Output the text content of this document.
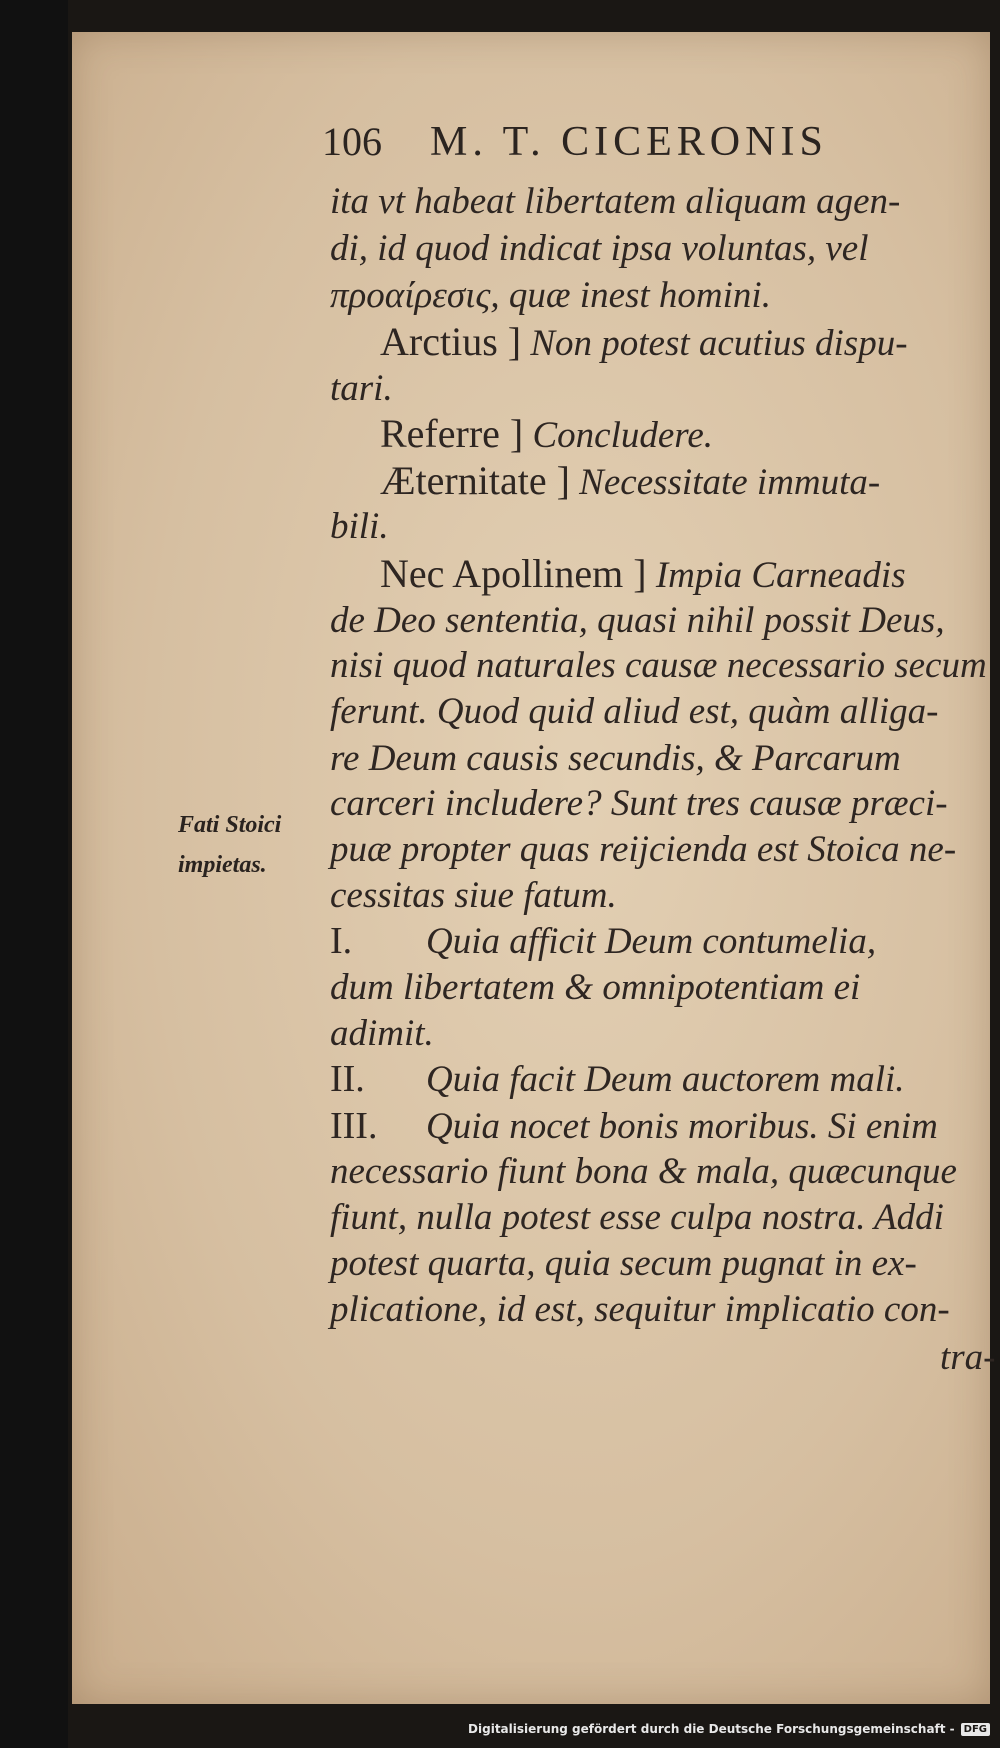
106	M. T. CICERONIS
ita vt habeat libertatem aliquam agen-
di, id quod indicat ipsa voluntas, vel
προαίρεσις, quæ inest homini.
Arctius ] Non potest acutius dispu-
tari.
Referre ] Concludere.
Æternitate ] Necessitate immuta-
bili.
Nec Apollinem ] Impia Carneadis
de Deo sententia, quasi nihil possit Deus,
nisi quod naturales causæ necessario secum
ferunt. Quod quid aliud est, quàm alliga-
re Deum causis secundis, & Parcarum
carceri includere? Sunt tres causæ præci-
puæ propter quas reijcienda est Stoica ne-
cessitas siue fatum.
I. Quia afficit Deum contumelia,
dum libertatem & omnipotentiam ei
adimit.
II. Quia facit Deum auctorem mali.
III. Quia nocet bonis moribus. Si enim
necessario fiunt bona & mala, quæcunque
fiunt, nulla potest esse culpa nostra. Addi
potest quarta, quia secum pugnat in ex-
plicatione, id est, sequitur implicatio con-
tra-
Fati Stoici
impietas.
Digitalisierung gefördert durch die Deutsche Forschungsgemeinschaft - DFG
